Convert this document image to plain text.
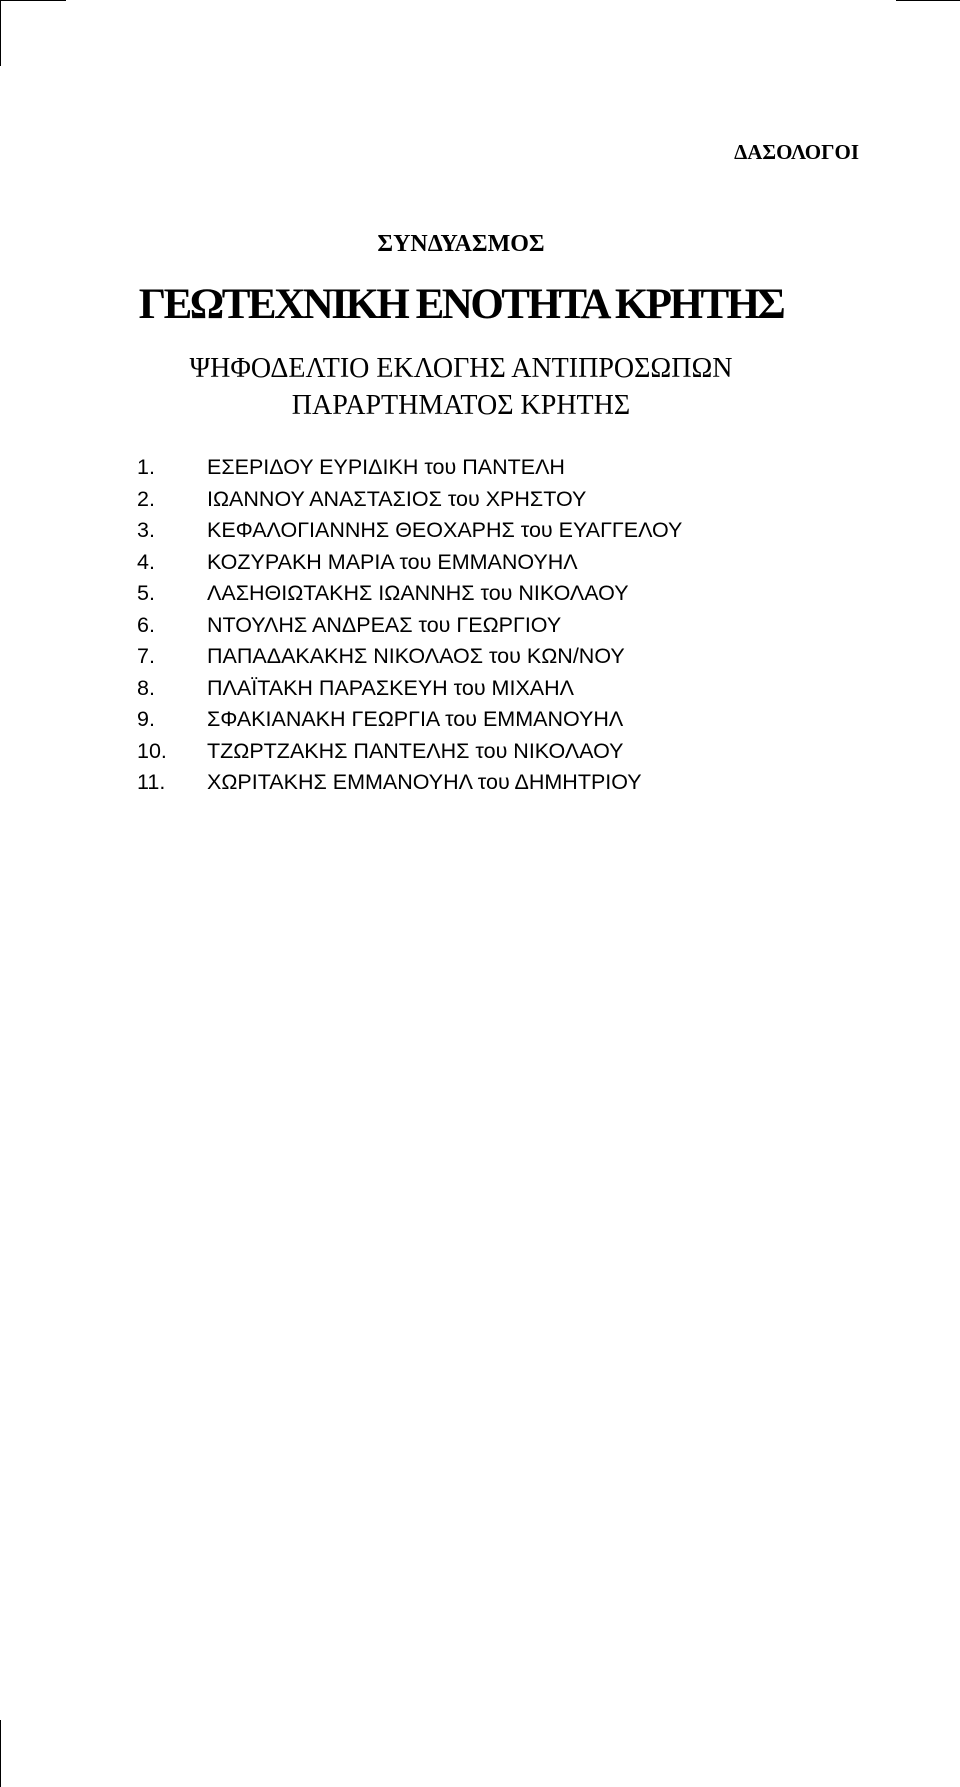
ΔΑΣΟΛΟΓΟΙ
ΣΥΝΔΥΑΣΜΟΣ
ΓΕΩΤΕΧΝΙΚΗ ΕΝΟΤΗΤΑ ΚΡΗΤΗΣ
ΨΗΦΟΔΕΛΤΙΟ ΕΚΛΟΓΗΣ ΑΝΤΙΠΡΟΣΩΠΩΝ
ΠΑΡΑΡΤΗΜΑΤΟΣ ΚΡΗΤΗΣ
1. ΕΣΕΡΙΔΟΥ ΕΥΡΙΔΙΚΗ του ΠΑΝΤΕΛΗ
2. ΙΩΑΝΝΟΥ ΑΝΑΣΤΑΣΙΟΣ του ΧΡΗΣΤΟΥ
3. ΚΕΦΑΛΟΓΙΑΝΝΗΣ ΘΕΟΧΑΡΗΣ του ΕΥΑΓΓΕΛΟΥ
4. ΚΟΖΥΡΑΚΗ ΜΑΡΙΑ του ΕΜΜΑΝΟΥΗΛ
5. ΛΑΣΗΘΙΩΤΑΚΗΣ ΙΩΑΝΝΗΣ του ΝΙΚΟΛΑΟΥ
6. ΝΤΟΥΛΗΣ ΑΝΔΡΕΑΣ του ΓΕΩΡΓΙΟΥ
7. ΠΑΠΑΔΑΚΑΚΗΣ ΝΙΚΟΛΑΟΣ του ΚΩΝ/ΝΟΥ
8. ΠΛΑΪΤΑΚΗ ΠΑΡΑΣΚΕΥΗ του ΜΙΧΑΗΛ
9. ΣΦΑΚΙΑΝΑΚΗ ΓΕΩΡΓΙΑ του ΕΜΜΑΝΟΥΗΛ
10. ΤΖΩΡΤΖΑΚΗΣ ΠΑΝΤΕΛΗΣ του ΝΙΚΟΛΑΟΥ
11. ΧΩΡΙΤΑΚΗΣ ΕΜΜΑΝΟΥΗΛ του ΔΗΜΗΤΡΙΟΥ
